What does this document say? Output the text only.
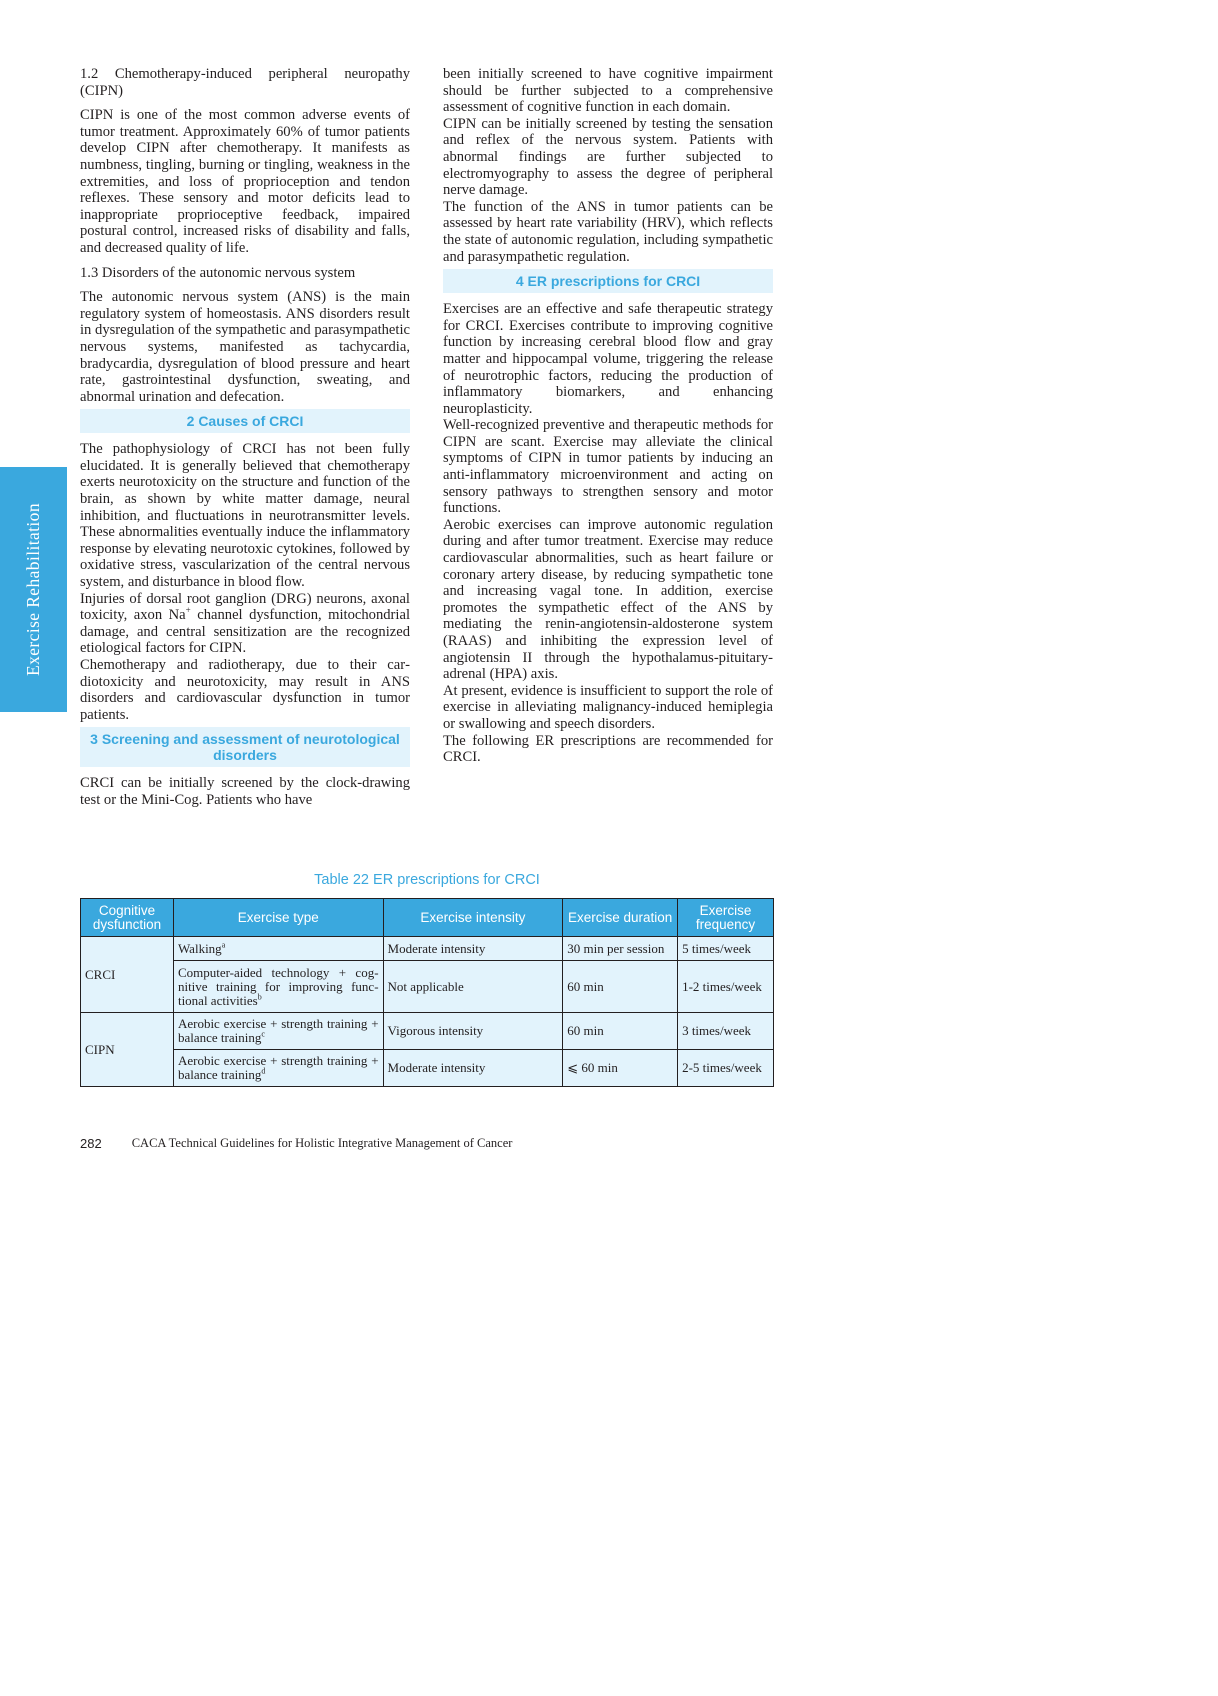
Exercise Rehabilitation

1.2 Chemotherapy-induced peripheral neuropathy (CIPN)

CIPN is one of the most common adverse events of tumor treatment. Approximately 60% of tumor patients develop CIPN after chemotherapy. It manifests as numbness, tingling, burning or tingling, weakness in the extremities, and loss of proprioception and tendon reflexes. These sensory and motor deficits lead to inappropriate proprioceptive feedback, impaired postural control, increased risks of disability and falls, and decreased quality of life.

1.3 Disorders of the autonomic nervous system

The autonomic nervous system (ANS) is the main regulatory system of homeostasis. ANS disorders result in dysregulation of the sympathetic and parasympathetic nervous systems, manifested as tachycardia, bradycardia, dysregulation of blood pressure and heart rate, gastrointestinal dysfunction, sweating, and abnormal urination and defecation.

2 Causes of CRCI

The pathophysiology of CRCI has not been fully elucidated. It is generally believed that chemotherapy exerts neurotoxicity on the structure and function of the brain, as shown by white matter damage, neural inhibition, and fluctuations in neurotransmitter levels. These abnormalities eventually induce the inflammatory response by elevating neurotoxic cytokines, followed by oxidative stress, vascularization of the central nervous system, and disturbance in blood flow.

Injuries of dorsal root ganglion (DRG) neurons, axonal toxicity, axon Na+ channel dysfunction, mitochondrial damage, and central sensitization are the recognized etiological factors for CIPN.

Chemotherapy and radiotherapy, due to their cardiotoxicity and neurotoxicity, may result in ANS disorders and cardiovascular dysfunction in tumor patients.

3 Screening and assessment of neurotological disorders

CRCI can be initially screened by the clock-drawing test or the Mini-Cog. Patients who have

been initially screened to have cognitive impairment should be further subjected to a comprehensive assessment of cognitive function in each domain.

CIPN can be initially screened by testing the sensation and reflex of the nervous system. Patients with abnormal findings are further subjected to electromyography to assess the degree of peripheral nerve damage.

The function of the ANS in tumor patients can be assessed by heart rate variability (HRV), which reflects the state of autonomic regulation, including sympathetic and parasympathetic regulation.

4 ER prescriptions for CRCI

Exercises are an effective and safe therapeutic strategy for CRCI. Exercises contribute to improving cognitive function by increasing cerebral blood flow and gray matter and hippocampal volume, triggering the release of neurotrophic factors, reducing the production of inflammatory biomarkers, and enhancing neuroplasticity.

Well-recognized preventive and therapeutic methods for CIPN are scant. Exercise may alleviate the clinical symptoms of CIPN in tumor patients by inducing an anti-inflammatory microenvironment and acting on sensory pathways to strengthen sensory and motor functions.

Aerobic exercises can improve autonomic regulation during and after tumor treatment. Exercise may reduce cardiovascular abnormalities, such as heart failure or coronary artery disease, by reducing sympathetic tone and increasing vagal tone. In addition, exercise promotes the sympathetic effect of the ANS by mediating the renin-angiotensin-aldosterone system (RAAS) and inhibiting the expression level of angiotensin II through the hypothalamus-pituitary-adrenal (HPA) axis.

At present, evidence is insufficient to support the role of exercise in alleviating malignancy-induced hemiplegia or swallowing and speech disorders.

The following ER prescriptions are recommended for CRCI.

Table 22 ER prescriptions for CRCI
Cognitive dysfunction	Exercise type	Exercise intensity	Exercise duration	Exercise frequency
CRCI	Walking$^a$	Moderate intensity	30 min per session	5 times/week
	Computer-aided technology + cognitive training for improving functional activities$^b$	Not applicable	60 min	1-2 times/week
CIPN	Aerobic exercise + strength training + balance training$^c$	Vigorous intensity	60 min	3 times/week
	Aerobic exercise + strength training + balance training$^d$	Moderate intensity	⩽ 60 min	2-5 times/week
282 CACA Technical Guidelines for Holistic Integrative Management of Cancer
